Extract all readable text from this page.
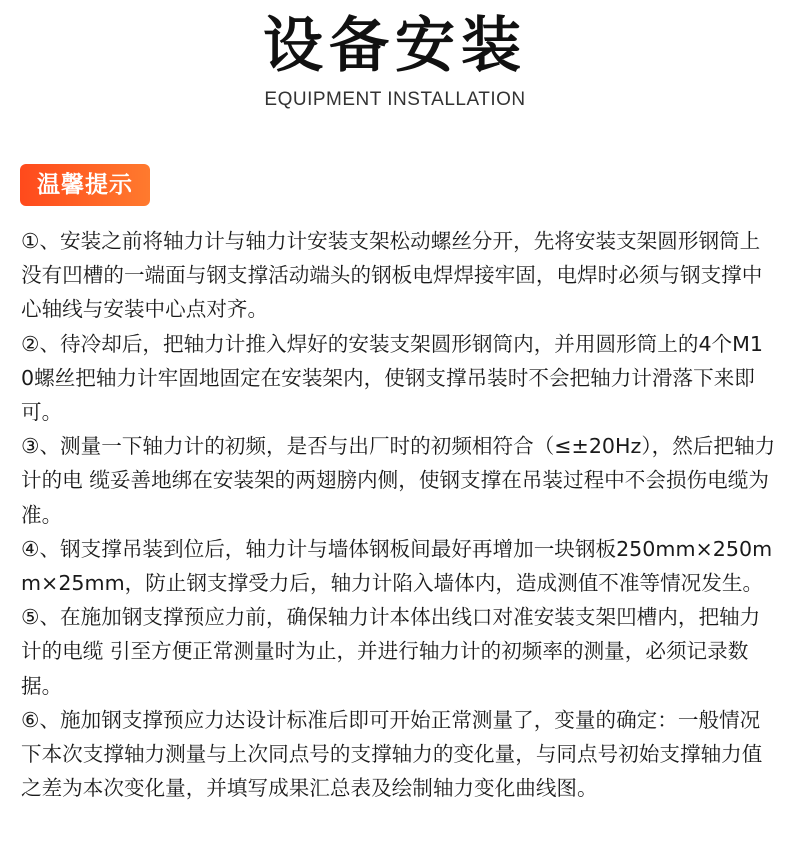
设备安装
EQUIPMENT INSTALLATION
温馨提示

①、安装之前将轴力计与轴力计安装支架松动螺丝分开，先将安装支架圆形钢筒上没有凹槽的一端面与钢支撑活动端头的钢板电焊焊接牢固，电焊时必须与钢支撑中心轴线与安装中心点对齐。

②、待冷却后，把轴力计推入焊好的安装支架圆形钢筒内，并用圆形筒上的4个M10螺丝把轴力计牢固地固定在安装架内，使钢支撑吊装时不会把轴力计滑落下来即可。

③、测量一下轴力计的初频，是否与出厂时的初频相符合（≤±20Hz），然后把轴力计的电 缆妥善地绑在安装架的两翅膀内侧，使钢支撑在吊装过程中不会损伤电缆为准。

④、钢支撑吊装到位后，轴力计与墙体钢板间最好再增加一块钢板250mm×250mm×25mm，防止钢支撑受力后，轴力计陷入墙体内，造成测值不准等情况发生。

⑤、在施加钢支撑预应力前，确保轴力计本体出线口对准安装支架凹槽内，把轴力计的电缆 引至方便正常测量时为止，并进行轴力计的初频率的测量，必须记录数据。

⑥、施加钢支撑预应力达设计标准后即可开始正常测量了，变量的确定：一般情况下本次支撑轴力测量与上次同点号的支撑轴力的变化量，与同点号初始支撑轴力值之差为本次变化量，并填写成果汇总表及绘制轴力变化曲线图。
